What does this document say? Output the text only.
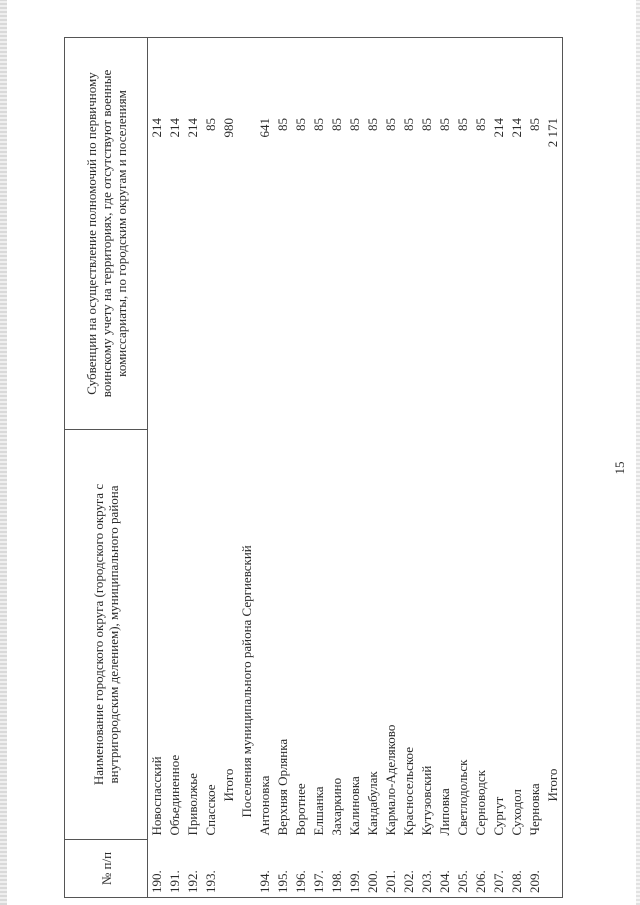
№ п/п	Наименование городского округа (городского округа с внутригородским делением), муниципального района	Субвенции на осуществление полномочий по первичному воинскому учету на территориях, где отсутствуют военные комиссариаты, по городским округам и поселениям
190.	Новоспасский	214
191.	Объединенное	214
192.	Приволжье	214
193.	Спасское	85
	Итого	980
	Поселения муниципального района Сергиевский	
194.	Антоновка	641
195.	Верхняя Орлянка	85
196.	Воротнее	85
197.	Елшанка	85
198.	Захаркино	85
199.	Калиновка	85
200.	Кандабулак	85
201.	Кармало-Аделяково	85
202.	Красносельское	85
203.	Кутузовский	85
204.	Липовка	85
205.	Светлодольск	85
206.	Серноводск	85
207.	Сургут	214
208.	Суходол	214
209.	Черновка	85
	Итого	2 171
15
